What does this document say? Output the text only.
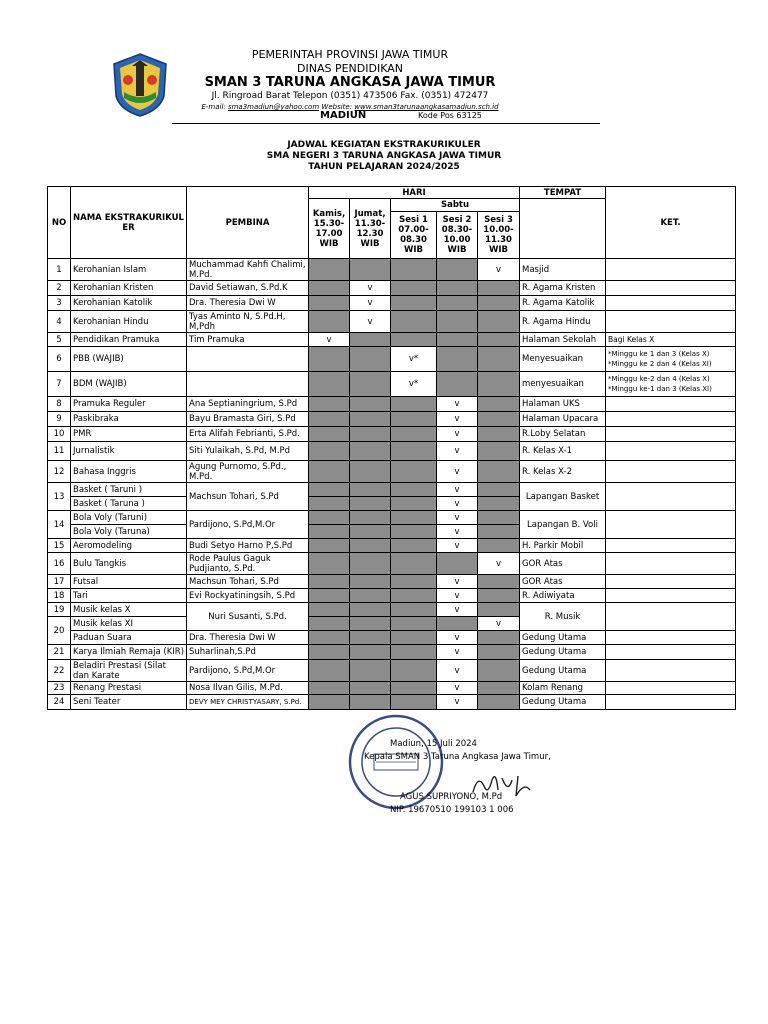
PEMERINTAH PROVINSI JAWA TIMUR
DINAS PENDIDIKAN
SMAN 3 TARUNA ANGKASA JAWA TIMUR
Jl. Ringroad Barat Telepon (0351) 473506 Fax. (0351) 472477
E-mail: sma3madiun@yahoo.com Website: www.sman3tarunaangkasamadiun.sch.id
MADIUN	Kode Pos 63125
JADWAL KEGIATAN EKSTRAKURIKULER
SMA NEGERI 3 TARUNA ANGKASA JAWA TIMUR
TAHUN PELAJARAN 2024/2025
NO	NAMA EKSTRAKURIKUL ER	PEMBINA	HARI					TEMPAT	KET.
			Kamis, 15.30- 17.00 WIB	Jumat, 11.30- 12.30 WIB	Sabtu				
					Sesi 1 07.00- 08.30 WIB	Sesi 2 08.30- 10.00 WIB	Sesi 3 10.00- 11.30 WIB		
1	Kerohanian Islam	Muchammad Kahfi Chalimi, M.Pd.					v	Masjid	
2	Kerohanian Kristen	David Setiawan, S.Pd.K		v				R. Agama Kristen	
3	Kerohanian Katolik	Dra. Theresia Dwi W		v				R. Agama Katolik	
4	Kerohanian Hindu	Tyas Aminto N, S.Pd.H, M,Pdh		v				R. Agama Hindu	
5	Pendidikan Pramuka	Tim Pramuka	v					Halaman Sekolah	Bagi Kelas X
6	PBB (WAJIB)				v*			Menyesuaikan	*Minggu ke 1 dan 3 (Kelas X)
*Minggu ke 2 dan 4 (Kelas XI)

7	BDM (WAJIB)				v*			menyesuaikan	*Minggu ke-2 dan 4 (Kelas X)
*Minggu ke-1 dan 3 (Kelas XI)

8	Pramuka Reguler	Ana Septianingrium, S.Pd				v		Halaman UKS	
9	Paskibraka	Bayu Bramasta Giri, S.Pd				v		Halaman Upacara	
10	PMR	Erta Alifah Febrianti, S.Pd.				v		R.Loby Selatan	
11	Jurnalistik	Siti Yulaikah, S.Pd, M.Pd				v		R. Kelas X-1	
12	Bahasa Inggris	Agung Purnomo, S.Pd., M.Pd.				v		R. Kelas X-2	
13	Basket ( Taruni )	Machsun Tohari, S.Pd				v		Lapangan Basket	
	Basket ( Taruna )					v			
14	Bola Voly (Taruni)	Pardijono, S.Pd,M.Or				v		Lapangan B. Voli	
	Bola Voly (Taruna)					v			
15	Aeromodeling	Budi Setyo Harno P,S.Pd				v		H. Parkir Mobil	
16	Bulu Tangkis	Rode Paulus Gaguk Pudjianto, S.Pd.					v	GOR Atas	
17	Futsal	Machsun Tohari, S.Pd				v		GOR Atas	
18	Tari	Evi Rockyatiningsih, S.Pd				v		R. Adiwiyata	
19	Musik kelas X	Nuri Susanti, S.Pd.				v		R. Musik	
20	Musik kelas XI						v		
	Paduan Suara	Dra. Theresia Dwi W				v		Gedung Utama	
21	Karya Ilmiah Remaja (KIR)	Suharlinah,S.Pd				v		Gedung Utama	
22	Beladiri Prestasi (Silat dan Karate	Pardijono, S.Pd,M.Or				v		Gedung Utama	
23	Renang Prestasi	Nosa Ilvan Gilis, M.Pd.				v		Kolam Renang	
24	Seni Teater	DEVY MEY CHRISTYASARY, S.Pd.				v		Gedung Utama	
Madiun, 15 Juli 2024
Kepala SMAN 3 Taruna Angkasa Jawa Timur,
AGUS SUPRIYONO, M.Pd
NIP. 19670510 199103 1 006
